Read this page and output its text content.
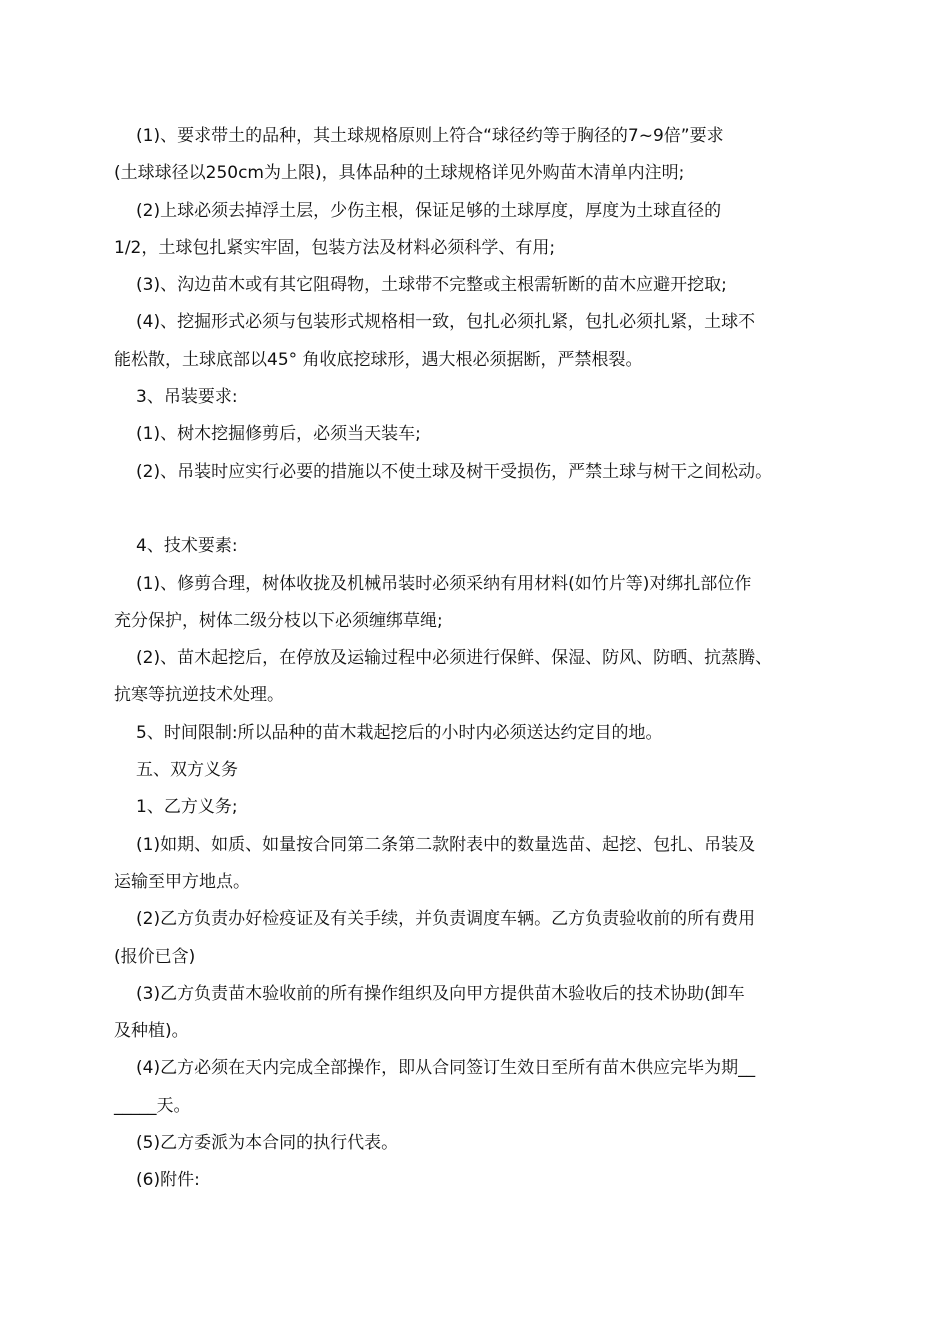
(1)、要求带土的品种，其土球规格原则上符合“球径约等于胸径的7~9倍”要求
(土球球径以250cm为上限)，具体品种的土球规格详见外购苗木清单内注明;
(2)上球必须去掉浮土层，少伤主根，保证足够的土球厚度，厚度为土球直径的
1/2，土球包扎紧实牢固，包装方法及材料必须科学、有用;
(3)、沟边苗木或有其它阻碍物，土球带不完整或主根需斩断的苗木应避开挖取;
(4)、挖掘形式必须与包装形式规格相一致，包扎必须扎紧，包扎必须扎紧，土球不
能松散，土球底部以45° 角收底挖球形，遇大根必须据断，严禁根裂。
3、吊装要求:
(1)、树木挖掘修剪后，必须当天装车;
(2)、吊装时应实行必要的措施以不使土球及树干受损伤，严禁土球与树干之间松动。
4、技术要素:
(1)、修剪合理，树体收拢及机械吊装时必须采纳有用材料(如竹片等)对绑扎部位作
充分保护，树体二级分枝以下必须缠绑草绳;
(2)、苗木起挖后，在停放及运输过程中必须进行保鲜、保湿、防风、防晒、抗蒸腾、
抗寒等抗逆技术处理。
5、时间限制:所以品种的苗木栽起挖后的小时内必须送达约定目的地。
五、双方义务
1、乙方义务;
(1)如期、如质、如量按合同第二条第二款附表中的数量选苗、起挖、包扎、吊装及
运输至甲方地点。
(2)乙方负责办好检疫证及有关手续，并负责调度车辆。乙方负责验收前的所有费用
(报价已含)
(3)乙方负责苗木验收前的所有操作组织及向甲方提供苗木验收后的技术协助(卸车
及种植)。
(4)乙方必须在天内完成全部操作，即从合同签订生效日至所有苗木供应完毕为期__
_____天。
(5)乙方委派为本合同的执行代表。
(6)附件:
